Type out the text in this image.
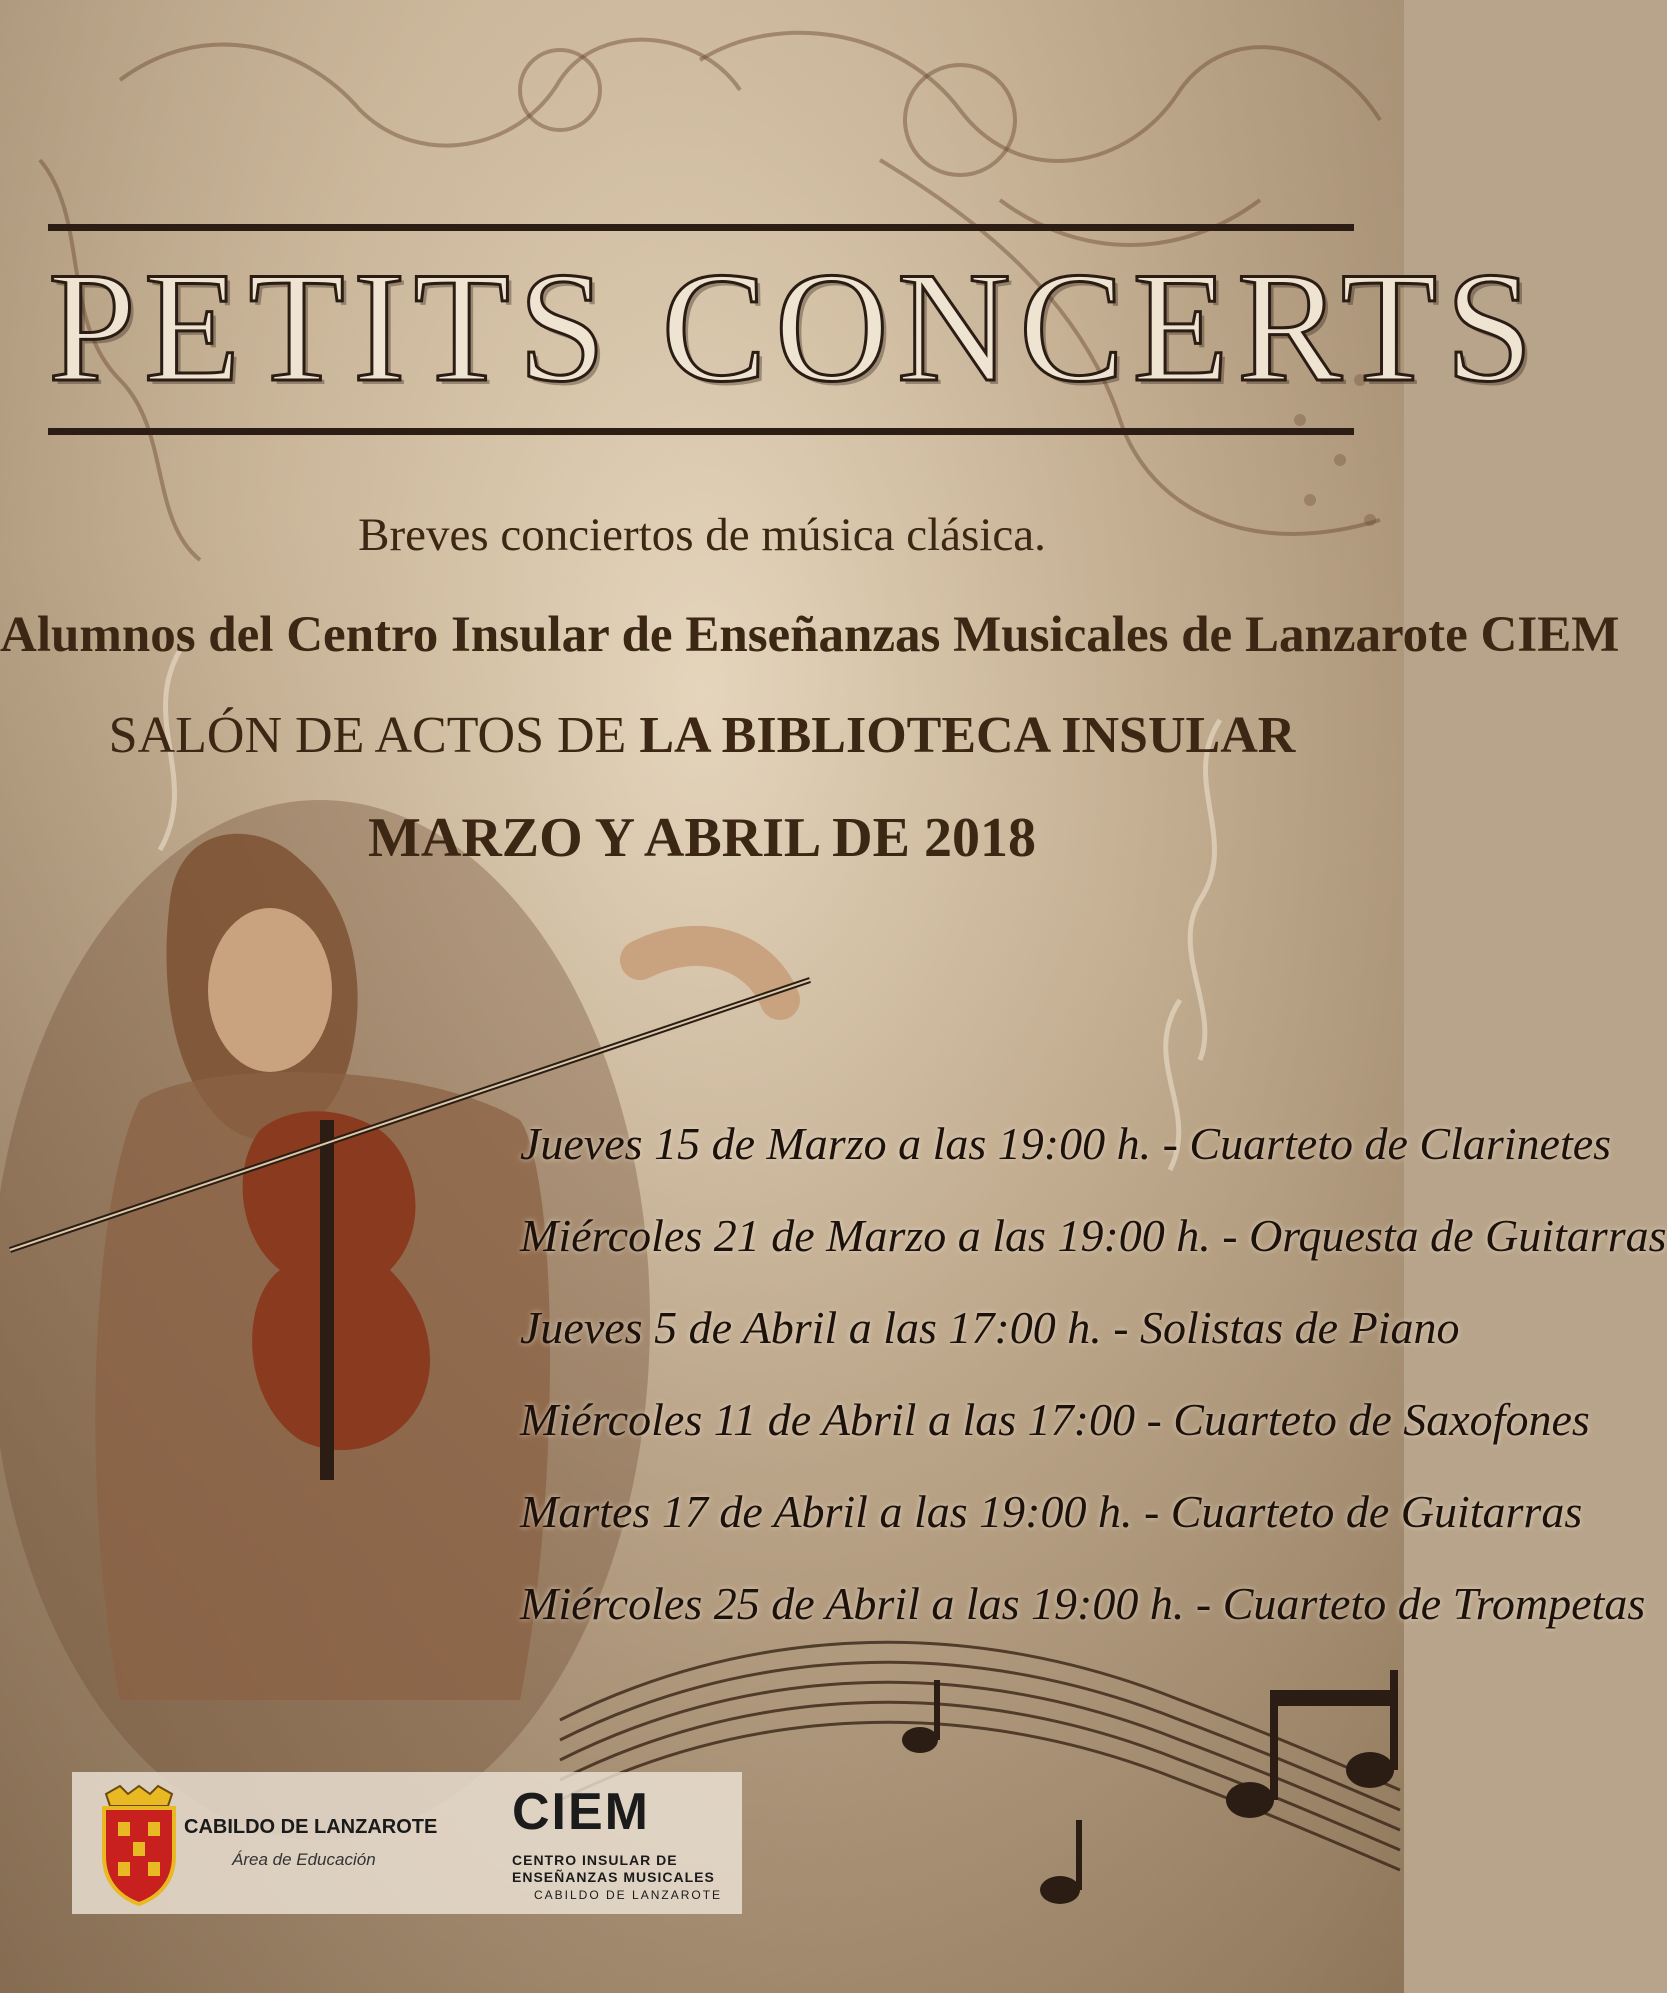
PETITS CONCERTS
Breves conciertos de música clásica.
Alumnos del Centro Insular de Enseñanzas Musicales de Lanzarote CIEM
SALÓN DE ACTOS DE LA BIBLIOTECA INSULAR
MARZO Y ABRIL DE 2018
Jueves 15 de Marzo a las 19:00 h. - Cuarteto de Clarinetes
Miércoles 21 de Marzo a las 19:00 h. - Orquesta de Guitarras
Jueves 5 de Abril a las 17:00 h. - Solistas de Piano
Miércoles 11 de Abril a las 17:00 - Cuarteto de Saxofones
Martes 17 de Abril a las 19:00 h. - Cuarteto de Guitarras
Miércoles 25 de Abril a las 19:00 h. - Cuarteto de Trompetas
CABILDO DE LANZAROTE
Área de Educación
CIEM
CENTRO INSULAR DE
ENSEÑANZAS MUSICALES
CABILDO DE LANZAROTE
